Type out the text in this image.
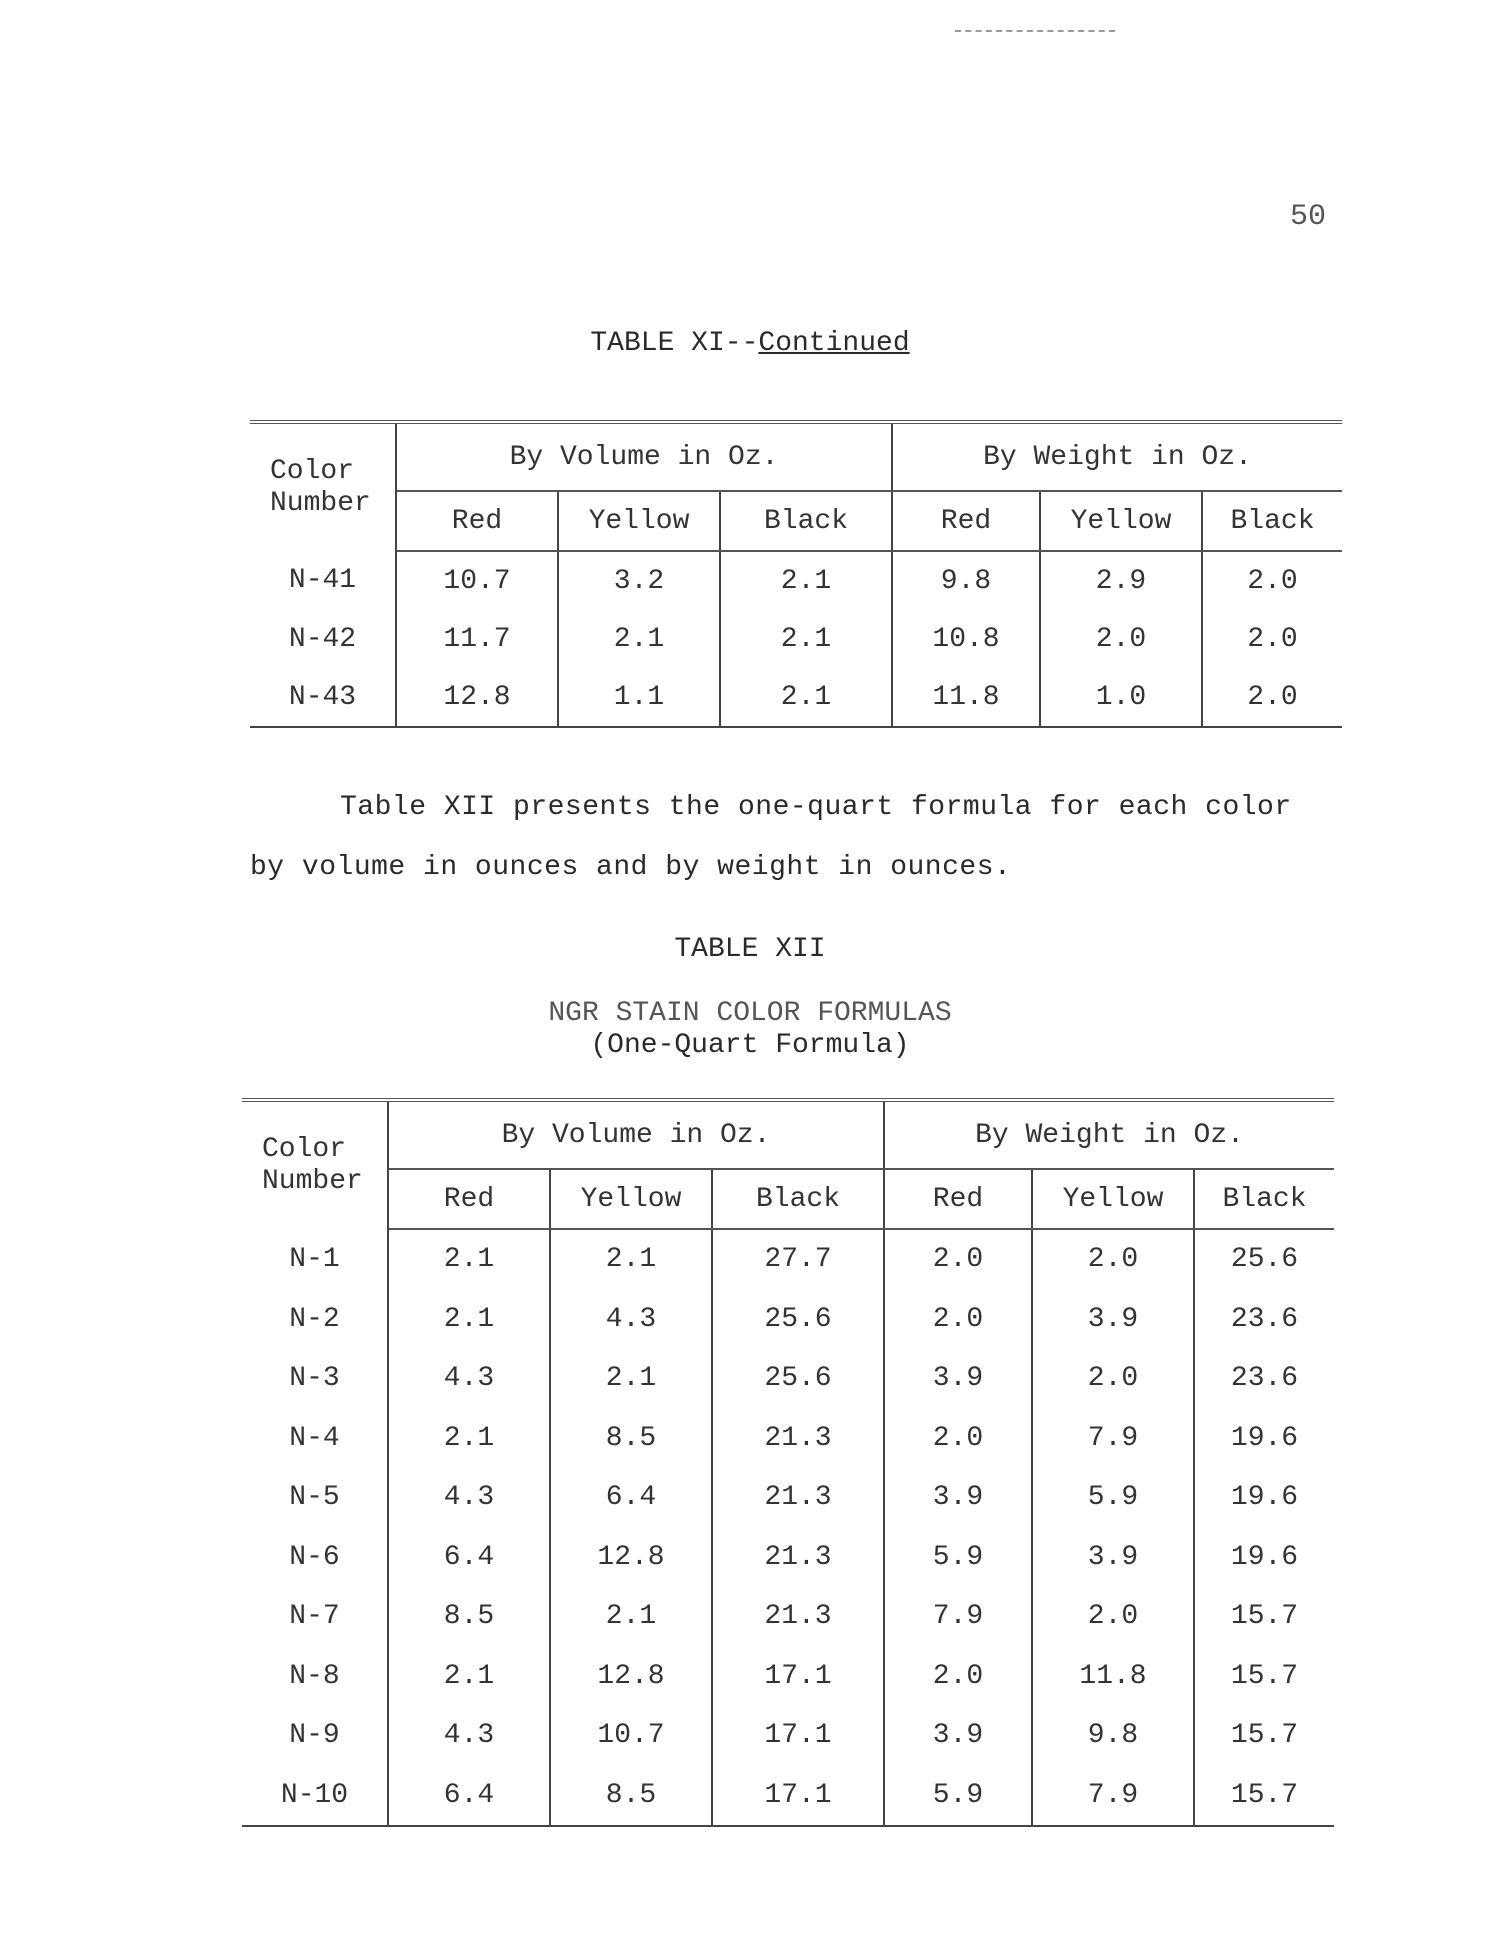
50
TABLE XI--Continued
Color Number	By Volume in Oz.			By Weight in Oz.		
	Red	Yellow	Black	Red	Yellow	Black
N-41	10.7	3.2	2.1	9.8	2.9	2.0
N-42	11.7	2.1	2.1	10.8	2.0	2.0
N-43	12.8	1.1	2.1	11.8	1.0	2.0
Table XII presents the one-quart formula for each color
by volume in ounces and by weight in ounces.
TABLE XII
NGR STAIN COLOR FORMULAS
(One-Quart Formula)
Color Number	By Volume in Oz.			By Weight in Oz.		
	Red	Yellow	Black	Red	Yellow	Black
N-1	2.1	2.1	27.7	2.0	2.0	25.6
N-2	2.1	4.3	25.6	2.0	3.9	23.6
N-3	4.3	2.1	25.6	3.9	2.0	23.6
N-4	2.1	8.5	21.3	2.0	7.9	19.6
N-5	4.3	6.4	21.3	3.9	5.9	19.6
N-6	6.4	12.8	21.3	5.9	3.9	19.6
N-7	8.5	2.1	21.3	7.9	2.0	15.7
N-8	2.1	12.8	17.1	2.0	11.8	15.7
N-9	4.3	10.7	17.1	3.9	9.8	15.7
N-10	6.4	8.5	17.1	5.9	7.9	15.7
